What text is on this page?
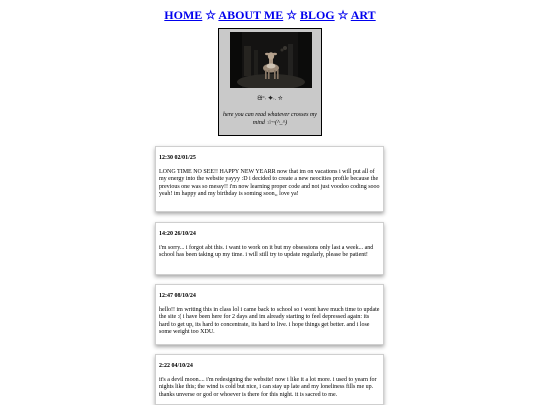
HOME ☆ ABOUT ME ☆ BLOG ☆ ART
ᙠ°˖ ✦˖. ☆
here you can read whatever crosses my mind ☆~(^_^)
12:30 02/01/25

LONG TIME NO SEE!! HAPPY NEW YEARR now that im on vacations i will put all of my energy into the website yayyy :D i decided to create a new neocities profile because the previous one was so messy!! i'm now learning proper code and not just voodoo coding sooo yeah! im happy and my birthday is soming soon,, love ya!

14:20 26/10/24

i'm sorry... i forgot abt this. i want to work on it but my obsessions only last a week... and school has been taking up my time. i will still try to update regularly, please be patient!

12:47 08/10/24

hello!! im writing this in class lol i came back to school so i wont have much time to update the site :( i have been here for 2 days and im already starting to feel depressed again: its hard to get up, its hard to concentrate, its hard to live. i hope things get better. and i lose some weight too XDU.

2:22 04/10/24

it's a devil moon.... i'm redesigning the website! now i like it a lot more. i used to yearn for nights like this; the wind is cold but nice, i can stay up late and my loneliness fills me up. thanks unverse or god or whoever is there for this night. it is sacred to me.
